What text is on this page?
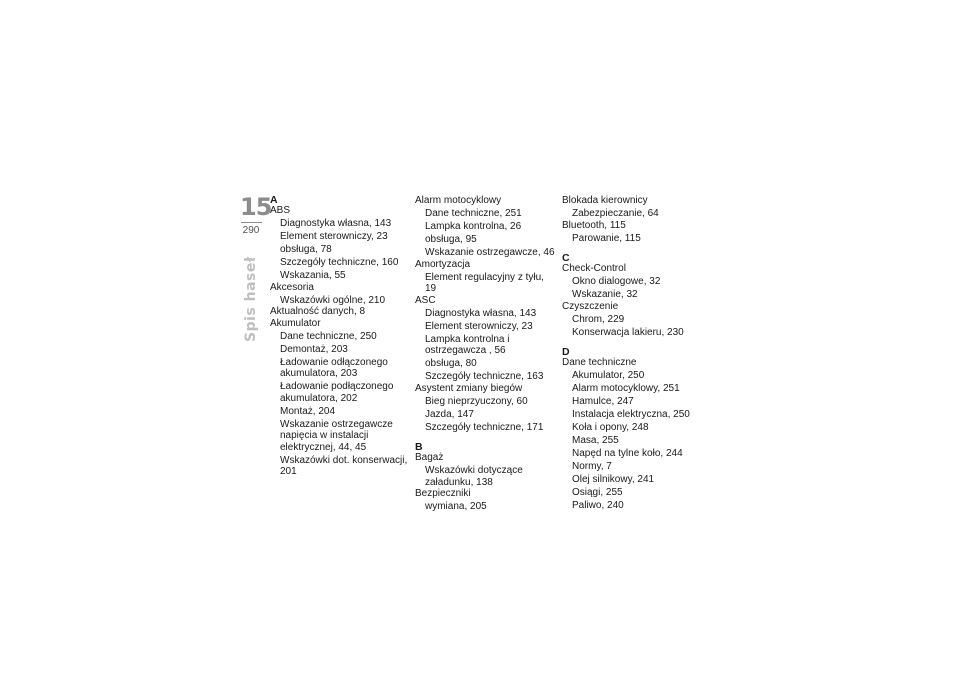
15
290
Spis haseł
A
ABS
Diagnostyka własna, 143
Element sterowniczy, 23
obsługa, 78
Szczegóły techniczne, 160
Wskazania, 55
Akcesoria
Wskazówki ogólne, 210
Aktualność danych, 8
Akumulator
Dane techniczne, 250
Demontaż, 203
Ładowanie odłączonego akumulatora, 203
Ładowanie podłączonego akumulatora, 202
Montaż, 204
Wskazanie ostrzegawcze napięcia w instalacji elektrycznej, 44, 45
Wskazówki dot. konserwacji, 201
Alarm motocyklowy
Dane techniczne, 251
Lampka kontrolna, 26
obsługa, 95
Wskazanie ostrzegawcze, 46
Amortyzacja
Element regulacyjny z tyłu, 19
ASC
Diagnostyka własna, 143
Element sterowniczy, 23
Lampka kontrolna i ostrzegawcza , 56
obsługa, 80
Szczegóły techniczne, 163
Asystent zmiany biegów
Bieg nieprzyuczony, 60
Jazda, 147
Szczegóły techniczne, 171
B
Bagaż
Wskazówki dotyczące załadunku, 138
Bezpieczniki
wymiana, 205
Blokada kierownicy
Zabezpieczanie, 64
Bluetooth, 115
Parowanie, 115
C
Check-Control
Okno dialogowe, 32
Wskazanie, 32
Czyszczenie
Chrom, 229
Konserwacja lakieru, 230
D
Dane techniczne
Akumulator, 250
Alarm motocyklowy, 251
Hamulce, 247
Instalacja elektryczna, 250
Koła i opony, 248
Masa, 255
Napęd na tylne koło, 244
Normy, 7
Olej silnikowy, 241
Osiągi, 255
Paliwo, 240
